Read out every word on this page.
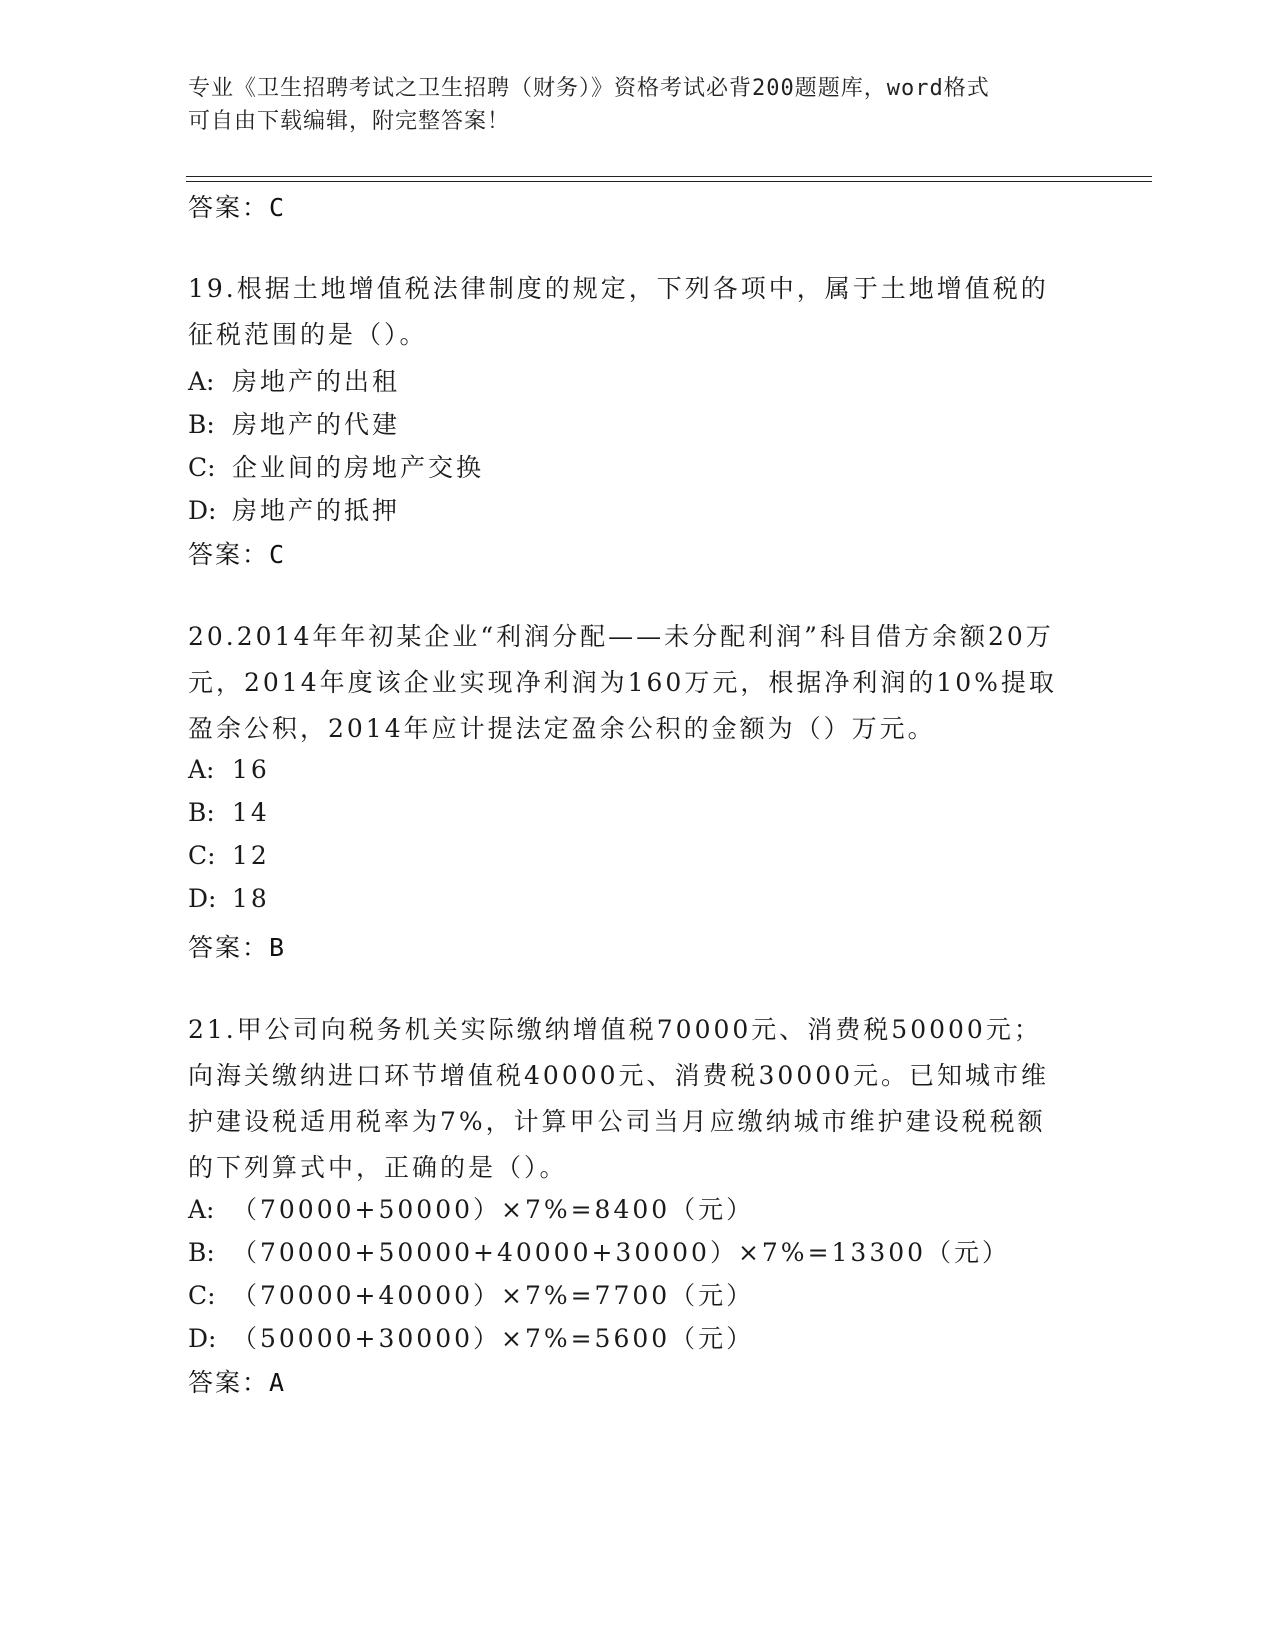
专业《卫生招聘考试之卫生招聘（财务）》资格考试必背200题题库，word格式
可自由下载编辑，附完整答案！
答案：C

19.根据土地增值税法律制度的规定，下列各项中，属于土地增值税的征税范围的是（）。

A: 房地产的出租
B: 房地产的代建
C: 企业间的房地产交换
D: 房地产的抵押
答案：C

20.2014年年初某企业“利润分配——未分配利润”科目借方余额20万元，2014年度该企业实现净利润为160万元，根据净利润的10%提取盈余公积，2014年应计提法定盈余公积的金额为（）万元。

A: 16
B: 14
C: 12
D: 18
答案：B

21.甲公司向税务机关实际缴纳增值税70000元、消费税50000元；向海关缴纳进口环节增值税40000元、消费税30000元。已知城市维护建设税适用税率为7%，计算甲公司当月应缴纳城市维护建设税税额的下列算式中，正确的是（）。

A: （70000+50000）×7%=8400（元）
B: （70000+50000+40000+30000）×7%=13300（元）
C: （70000+40000）×7%=7700（元）
D: （50000+30000）×7%=5600（元）
答案：A
